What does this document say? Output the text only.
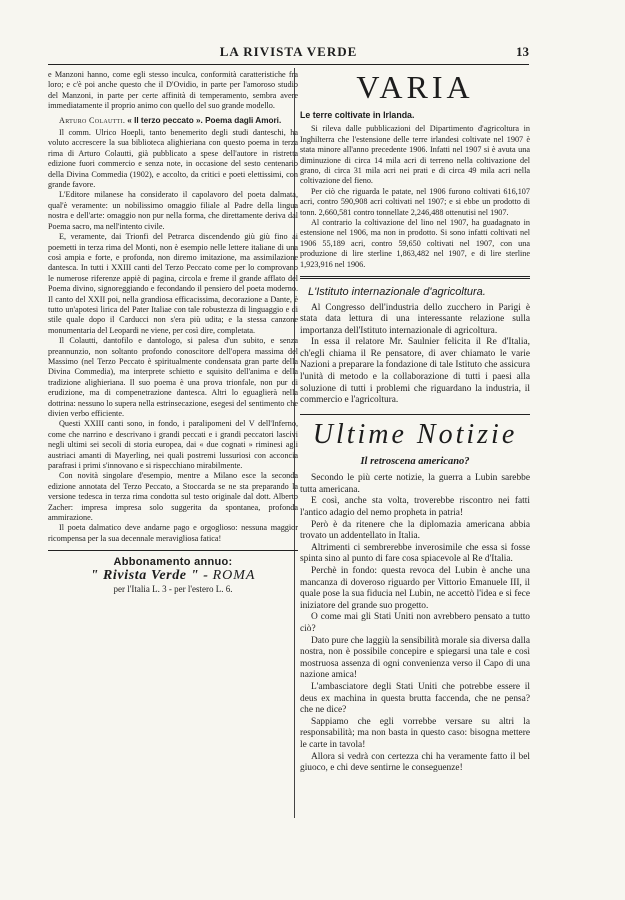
LA RIVISTA VERDE	13

e Manzoni hanno, come egli stesso inculca, conformità caratteristiche fra loro; e c'è poi anche questo che il D'Ovidio, in parte per l'amoroso studio del Manzoni, in parte per certe affinità di temperamento, sembra avere immediatamente il proprio animo con quello del suo grande modello.

Arturo Colautti. « Il terzo peccato ». Poema dagli Amori.

Il comm. Ulrico Hoepli, tanto benemerito degli studi danteschi, ha voluto accrescere la sua biblioteca alighieriana con questo poema in terza rima di Arturo Colautti, già pubblicato a spese dell'autore in ristretta edizione fuori commercio e senza note, in occasione del sesto centenario della Divina Commedia (1902), e accolto, da critici e poeti elettissimi, con grande favore.

L'Editore milanese ha considerato il capolavoro del poeta dalmata, qual'è veramente: un nobilissimo omaggio filiale al Padre della lingua nostra e dell'arte: omaggio non pur nella forma, che direttamente deriva dal Poema sacro, ma nell'intento civile.

E, veramente, dai Trionfi del Petrarca discendendo giù giù fino ai poemetti in terza rima del Monti, non è esempio nelle lettere italiane di una così ampia e forte, e profonda, non diremo imitazione, ma assimilazione dantesca. In tutti i XXIII canti del Terzo Peccato come per lo comprovano le numerose riferenze appiè di pagina, circola e freme il grande afflato del Poema divino, signoreggiando e fecondando il pensiero del poeta moderno. Il canto del XXII poi, nella grandiosa efficacissima, decorazione a Dante, è tutto un'apotesi lirica del Pater Italiae con tale robustezza di linguaggio e di stile quale dopo il Carducci non s'era più udita; e la stessa canzone monumentaria del Leopardi ne viene, per così dire, completata.

Il Colautti, dantofilo e dantologo, si palesa d'un subito, e senza preannunzio, non soltanto profondo conoscitore dell'opera massima del Massimo (nel Terzo Peccato è spiritualmente condensata gran parte della Divina Commedia), ma interprete schietto e squisito dell'anima e della tradizione alighieriana. Il suo poema è una prova trionfale, non pur di erudizione, ma di compenetrazione dantesca. Altri lo eguaglierà nella dottrina: nessuno lo supera nella estrinsecazione, esegesi del sentimento che divien verbo efficiente.

Questi XXIII canti sono, in fondo, i paralipomeni del V dell'Inferno, come che narrino e descrivano i grandi peccati e i grandi peccatori lascivi negli ultimi sei secoli di storia europea, dai « due cognati » riminesi agli austriaci amanti di Mayerling, nei quali postremi lussuriosi con acconcia parafrasi i primi s'innovano e si rispecchiano mirabilmente.

Con novità singolare d'esempio, mentre a Milano esce la seconda edizione annotata del Terzo Peccato, a Stoccarda se ne sta preparando la versione tedesca in terza rima condotta sul testo originale dal dott. Alberto Zacher: impresa impresa solo suggerita da spontanea, profonda ammirazione.

Il poeta dalmatico deve andarne pago e orgoglioso: nessuna maggior ricompensa per la sua decennale meravigliosa fatica!

Abbonamento annuo:
" Rivista Verde " - ROMA
per l'Italia L. 3 - per l'estero L. 6.
VARIA
Le terre coltivate in Irlanda.

Si rileva dalle pubblicazioni del Dipartimento d'agricoltura in Inghilterra che l'estensione delle terre irlandesi coltivate nel 1907 è stata minore all'anno precedente 1906. Infatti nel 1907 si è avuta una diminuzione di circa 14 mila acri di terreno nella coltivazione del grano, di circa 31 mila acri nei prati e di circa 49 mila acri nella coltivazione del fieno.

Per ciò che riguarda le patate, nel 1906 furono coltivati 616,107 acri, contro 590,908 acri coltivati nel 1907; e si ebbe un prodotto di tonn. 2,660,581 contro tonnellate 2,246,488 ottenutisi nel 1907.

Al contrario la coltivazione del lino nel 1907, ha guadagnato in estensione nel 1906, ma non in prodotto. Si sono infatti coltivati nel 1906 55,189 acri, contro 59,650 coltivati nel 1907, con una produzione di lire sterline 1,863,482 nel 1907, e di lire sterline 1,923,916 nel 1906.

L'Istituto internazionale d'agricoltura.

Al Congresso dell'industria dello zucchero in Parigi è stata data lettura di una interessante relazione sulla importanza dell'Istituto internazionale di agricoltura.

In essa il relatore Mr. Saulnier felicita il Re d'Italia, ch'egli chiama il Re pensatore, di aver chiamato le varie Nazioni a preparare la fondazione di tale Istituto che assicura l'unità di metodo e la collaborazione di tutti i paesi alla soluzione di tutti i problemi che riguardano la industria, il commercio e l'agricoltura.

Ultime Notizie
Il retroscena americano?

Secondo le più certe notizie, la guerra a Lubin sarebbe tutta americana.

E così, anche sta volta, troverebbe riscontro nei fatti l'antico adagio del nemo propheta in patria!

Però è da ritenere che la diplomazia americana abbia trovato un addentellato in Italia.

Altrimenti ci sembrerebbe inverosimile che essa si fosse spinta sino al punto di fare cosa spiacevole al Re d'Italia.

Perchè in fondo: questa revoca del Lubin è anche una mancanza di doveroso riguardo per Vittorio Emanuele III, il quale pose la sua fiducia nel Lubin, ne accettò l'idea e si fece iniziatore del grande suo progetto.

O come mai gli Stati Uniti non avrebbero pensato a tutto ciò?

Dato pure che laggiù la sensibilità morale sia diversa dalla nostra, non è possibile concepire e spiegarsi una tale e così mostruosa assenza di ogni convenienza verso il Capo di una nazione amica!

L'ambasciatore degli Stati Uniti che potrebbe essere il deus ex machina in questa brutta faccenda, che ne pensa? che ne dice?

Sappiamo che egli vorrebbe versare su altri la responsabilità; ma non basta in questo caso: bisogna mettere le carte in tavola!

Allora si vedrà con certezza chi ha veramente fatto il bel giuoco, e chi deve sentirne le conseguenze!
